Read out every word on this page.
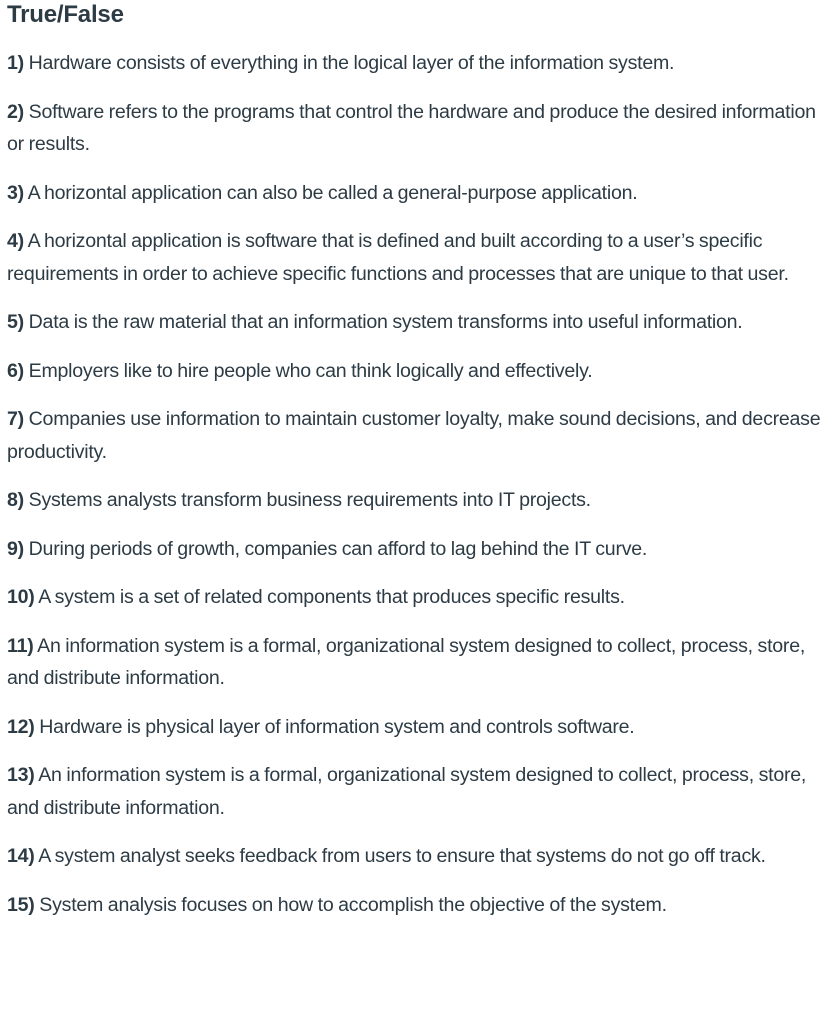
True/False
1) Hardware consists of everything in the logical layer of the information system.
2) Software refers to the programs that control the hardware and produce the desired information or results.
3) A horizontal application can also be called a general-purpose application.
4) A horizontal application is software that is defined and built according to a user’s specific requirements in order to achieve specific functions and processes that are unique to that user.
5) Data is the raw material that an information system transforms into useful information.
6) Employers like to hire people who can think logically and effectively.
7) Companies use information to maintain customer loyalty, make sound decisions, and decrease productivity.
8) Systems analysts transform business requirements into IT projects.
9) During periods of growth, companies can afford to lag behind the IT curve.
10) A system is a set of related components that produces specific results.
11) An information system is a formal, organizational system designed to collect, process, store, and distribute information.
12) Hardware is physical layer of information system and controls software.
13) An information system is a formal, organizational system designed to collect, process, store, and distribute information.
14) A system analyst seeks feedback from users to ensure that systems do not go off track.
15) System analysis focuses on how to accomplish the objective of the system.
